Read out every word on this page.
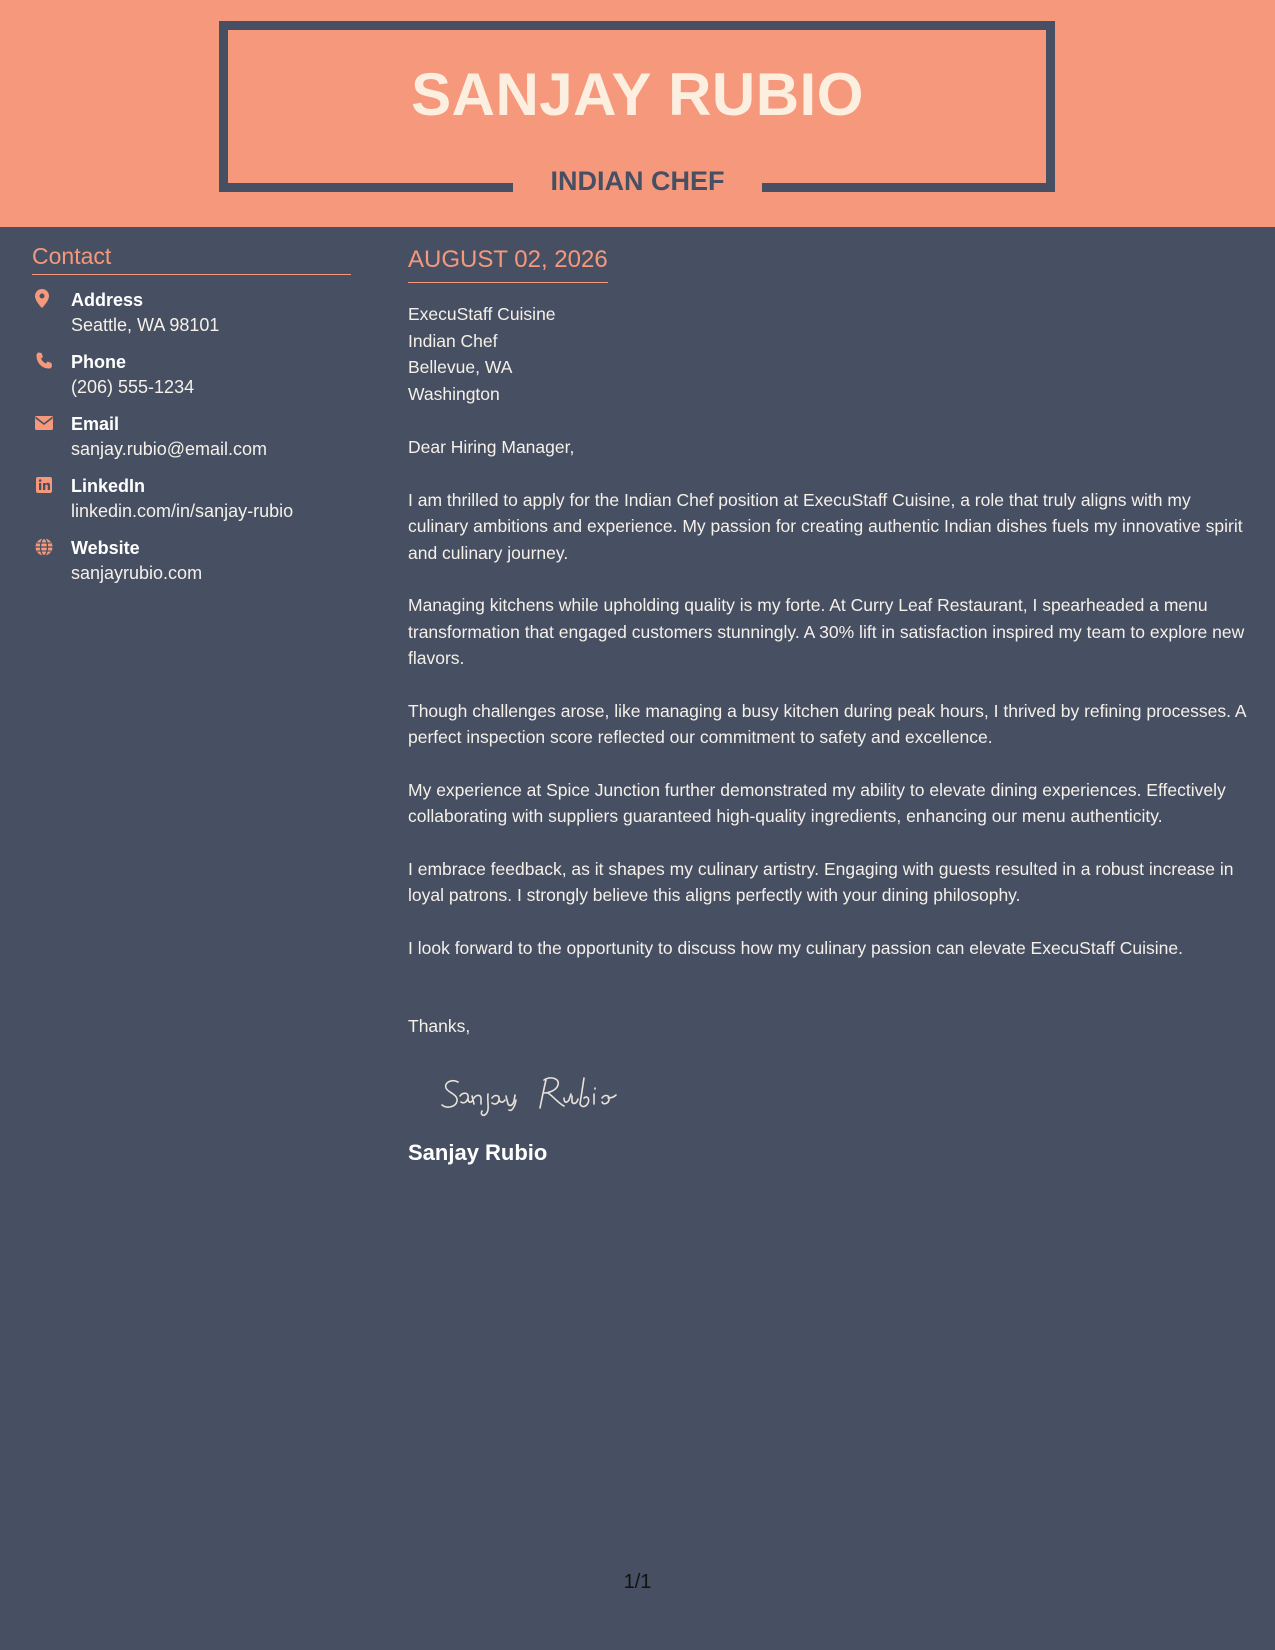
SANJAY RUBIO
INDIAN CHEF
Contact
Address
Seattle, WA 98101
Phone
(206) 555-1234
Email
sanjay.rubio@email.com
LinkedIn
linkedin.com/in/sanjay-rubio
Website
sanjayrubio.com
AUGUST 02, 2026
ExecuStaff Cuisine
Indian Chef
Bellevue, WA
Washington
Dear Hiring Manager,
I am thrilled to apply for the Indian Chef position at ExecuStaff Cuisine, a role that truly aligns with my culinary ambitions and experience. My passion for creating authentic Indian dishes fuels my innovative spirit and culinary journey.
Managing kitchens while upholding quality is my forte. At Curry Leaf Restaurant, I spearheaded a menu transformation that engaged customers stunningly. A 30% lift in satisfaction inspired my team to explore new flavors.
Though challenges arose, like managing a busy kitchen during peak hours, I thrived by refining processes. A perfect inspection score reflected our commitment to safety and excellence.
My experience at Spice Junction further demonstrated my ability to elevate dining experiences. Effectively collaborating with suppliers guaranteed high-quality ingredients, enhancing our menu authenticity.
I embrace feedback, as it shapes my culinary artistry. Engaging with guests resulted in a robust increase in loyal patrons. I strongly believe this aligns perfectly with your dining philosophy.
I look forward to the opportunity to discuss how my culinary passion can elevate ExecuStaff Cuisine.
Thanks,
Sanjay Rubio
1/1
